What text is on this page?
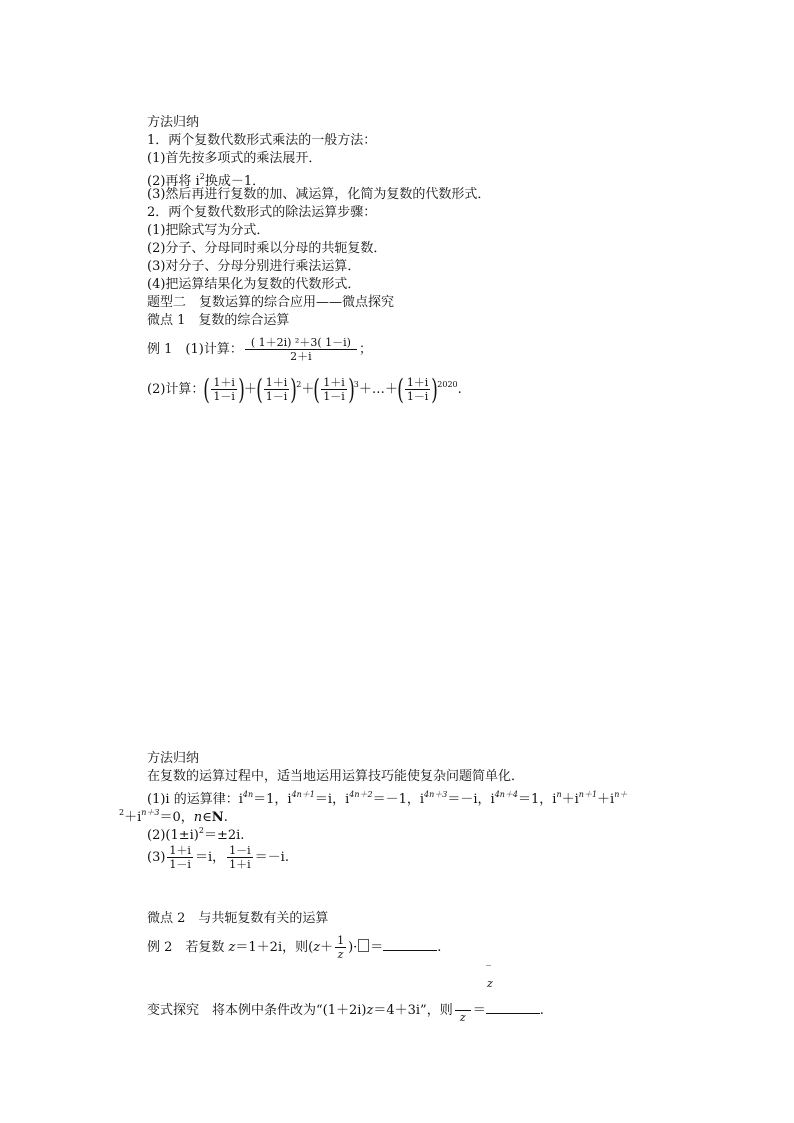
方法归纳
1．两个复数代数形式乘法的一般方法：
(1)首先按多项式的乘法展开．
(2)再将 $i^2$换成－1．
(3)然后再进行复数的加、减运算，化简为复数的代数形式．
2．两个复数代数形式的除法运算步骤：
(1)把除式写为分式．
(2)分子、分母同时乘以分母的共轭复数．
(3)对分子、分母分别进行乘法运算．
(4)把运算结果化为复数的代数形式．
题型二　复数运算的综合应用——微点探究
微点 1　复数的综合运算
例 1　(1)计算： $\frac{\text{( 1＋2i) ²＋3( 1－i)}}{2+i}$ ；
(2)计算：( $\frac{1+i}{1-i}$ )＋( $\frac{1+i}{1-i} )^2+( \frac{1+i}{1-i}$ )$^3+\dots+( \frac{1+i}{1-i} )^{2020}$.
方法归纳
在复数的运算过程中，适当地运用运算技巧能使复杂问题简单化．
(1)i 的运算律：$i^{4n}=1$，$i^{4n+1}=i$，$i^{4n+2}=-1$，$i^{4n+3}=-i$，$i^{4n+4}=1$，$i^n+i^{n+1}+i^{n+}$
$^2+i^{n+3}=0$，n∈N.
$(2)(1\pm i)^2=\pm 2i$.
$(3) \frac{1+i}{1-i} =i$， $\frac{1-i}{1+i} =-i$.
微点 2　与共轭复数有关的运算
例 2　若复数 z＝1＋2i，则($z+ \frac{1}{z}$ )· ＝	.
‾
z
变式探究　将本例中条件改为“(1＋2i)z＝4＋3i”，则 z ＝	.
